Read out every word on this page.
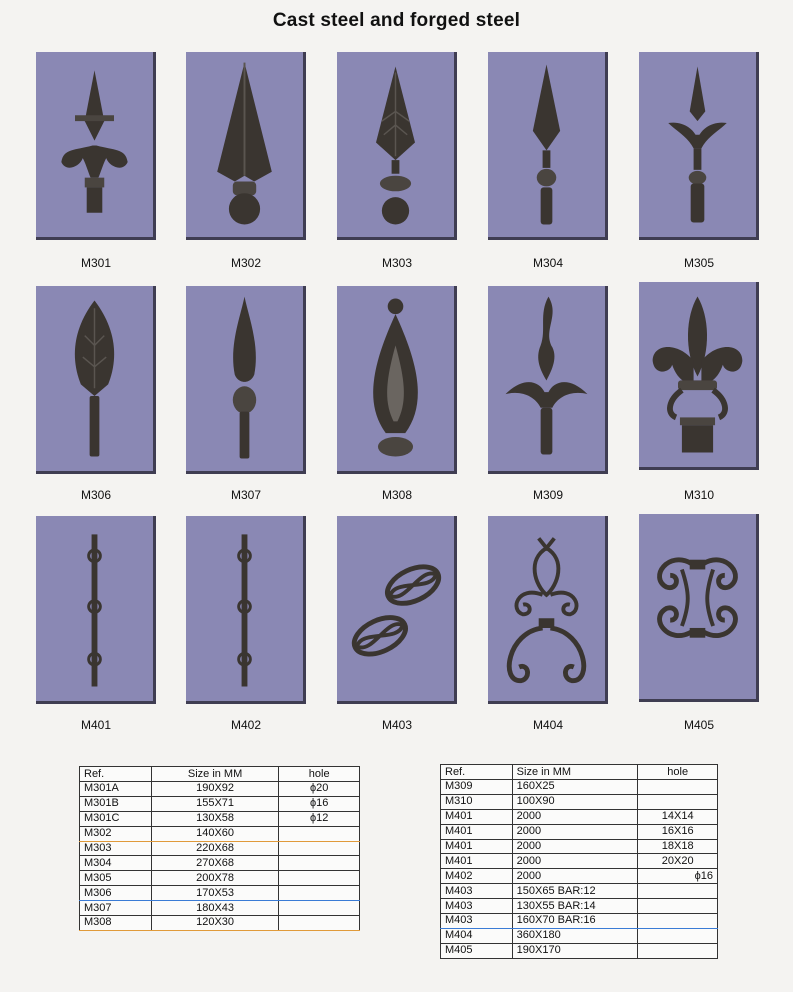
Cast steel and forged steel
M301	M302	M303	M304	M305
M306	M307	M308	M309	M310
M401	M402	M403	M404	M405
Ref.	Size in MM	hole
M301A	190X92	ϕ20
M301B	155X71	ϕ16
M301C	130X58	ϕ12
M302	140X60	
M303	220X68	
M304	270X68	
M305	200X78	
M306	170X53	
M307	180X43	
M308	120X30	
Ref.	Size in MM	hole
M309	160X25	
M310	100X90	
M401	2000	14X14
M401	2000	16X16
M401	2000	18X18
M401	2000	20X20
M402	2000	ϕ16
M403	150X65 BAR:12	
M403	130X55 BAR:14	
M403	160X70 BAR:16	
M404	360X180	
M405	190X170	
